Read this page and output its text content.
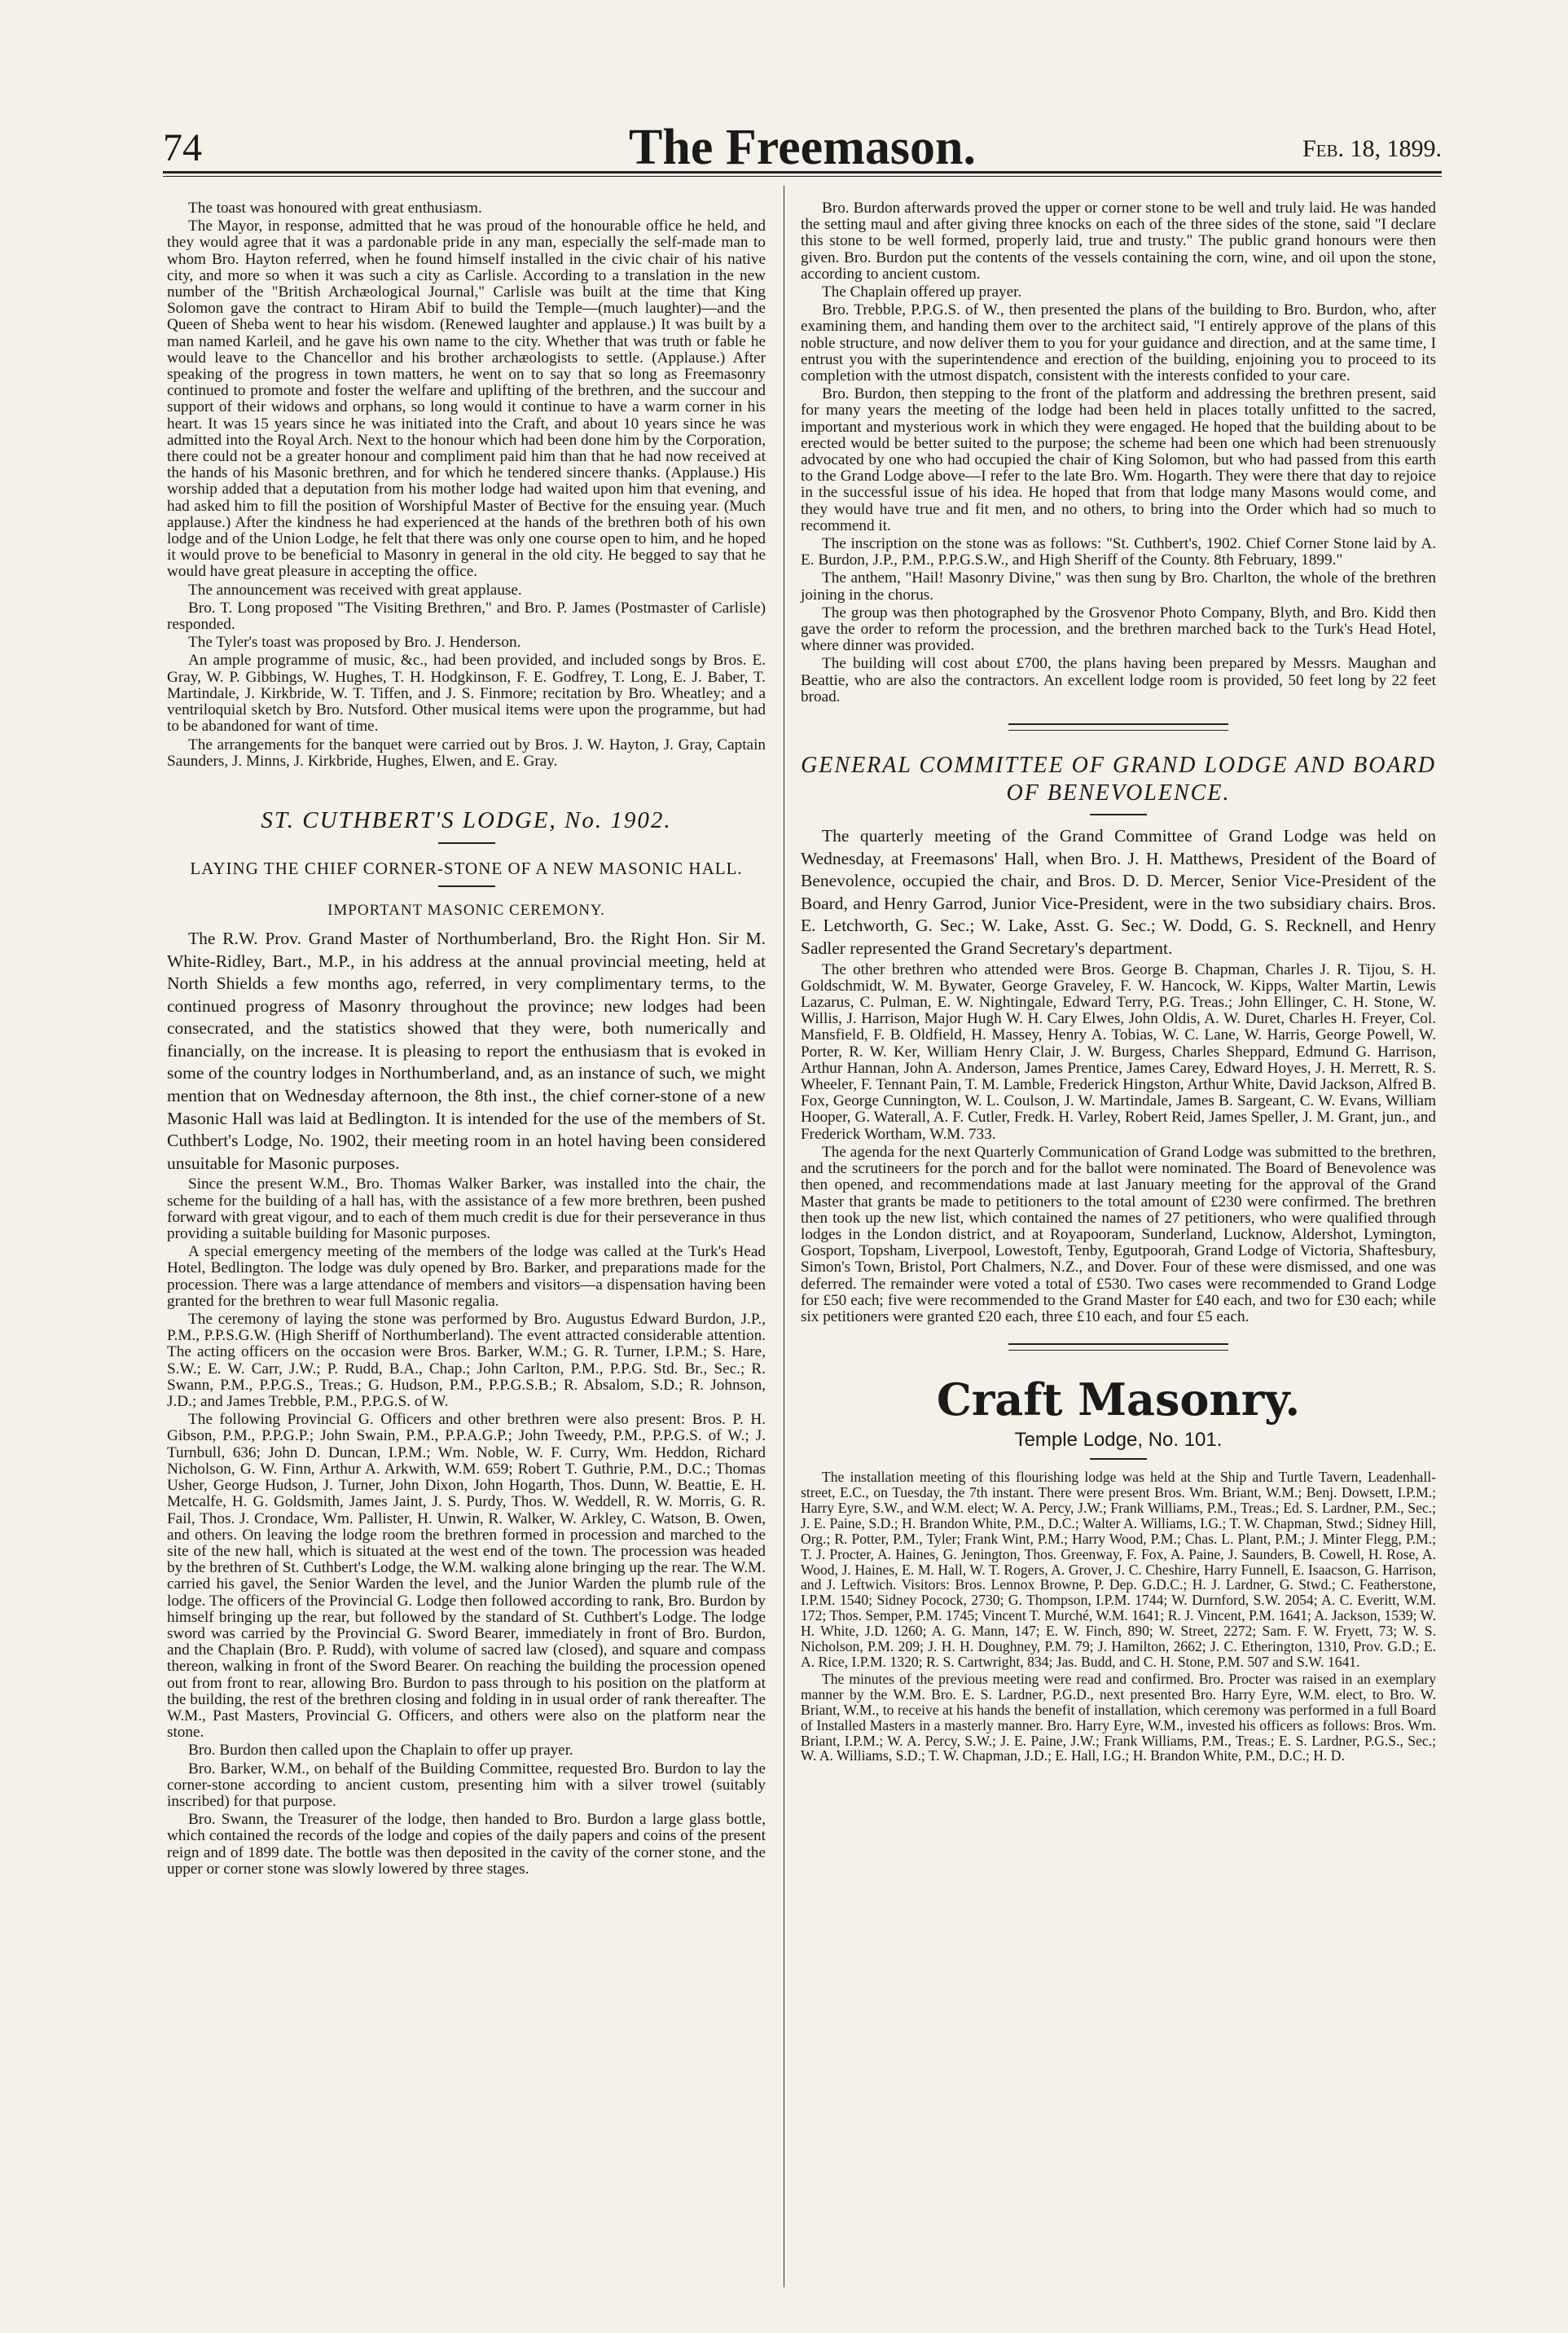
74	The Freemason.	Feb. 18, 1899.

The toast was honoured with great enthusiasm.

The Mayor, in response, admitted that he was proud of the honourable office he held, and they would agree that it was a pardonable pride in any man, especially the self-made man to whom Bro. Hayton referred, when he found himself installed in the civic chair of his native city, and more so when it was such a city as Carlisle. According to a translation in the new number of the "British Archæological Journal," Carlisle was built at the time that King Solomon gave the contract to Hiram Abif to build the Temple—(much laughter)—and the Queen of Sheba went to hear his wisdom. (Renewed laughter and applause.) It was built by a man named Karleil, and he gave his own name to the city. Whether that was truth or fable he would leave to the Chancellor and his brother archæologists to settle. (Applause.) After speaking of the progress in town matters, he went on to say that so long as Freemasonry continued to promote and foster the welfare and uplifting of the brethren, and the succour and support of their widows and orphans, so long would it continue to have a warm corner in his heart. It was 15 years since he was initiated into the Craft, and about 10 years since he was admitted into the Royal Arch. Next to the honour which had been done him by the Corporation, there could not be a greater honour and compliment paid him than that he had now received at the hands of his Masonic brethren, and for which he tendered sincere thanks. (Applause.) His worship added that a deputation from his mother lodge had waited upon him that evening, and had asked him to fill the position of Worshipful Master of Bective for the ensuing year. (Much applause.) After the kindness he had experienced at the hands of the brethren both of his own lodge and of the Union Lodge, he felt that there was only one course open to him, and he hoped it would prove to be beneficial to Masonry in general in the old city. He begged to say that he would have great pleasure in accepting the office.

The announcement was received with great applause.

Bro. T. Long proposed "The Visiting Brethren," and Bro. P. James (Postmaster of Carlisle) responded.

The Tyler's toast was proposed by Bro. J. Henderson.

An ample programme of music, &c., had been provided, and included songs by Bros. E. Gray, W. P. Gibbings, W. Hughes, T. H. Hodgkinson, F. E. Godfrey, T. Long, E. J. Baber, T. Martindale, J. Kirkbride, W. T. Tiffen, and J. S. Finmore; recitation by Bro. Wheatley; and a ventriloquial sketch by Bro. Nutsford. Other musical items were upon the programme, but had to be abandoned for want of time.

The arrangements for the banquet were carried out by Bros. J. W. Hayton, J. Gray, Captain Saunders, J. Minns, J. Kirkbride, Hughes, Elwen, and E. Gray.

ST. CUTHBERT'S LODGE, No. 1902.
LAYING THE CHIEF CORNER-STONE OF A NEW MASONIC HALL.
IMPORTANT MASONIC CEREMONY.

The R.W. Prov. Grand Master of Northumberland, Bro. the Right Hon. Sir M. White-Ridley, Bart., M.P., in his address at the annual provincial meeting, held at North Shields a few months ago, referred, in very complimentary terms, to the continued progress of Masonry throughout the province; new lodges had been consecrated, and the statistics showed that they were, both numerically and financially, on the increase. It is pleasing to report the enthusiasm that is evoked in some of the country lodges in Northumberland, and, as an instance of such, we might mention that on Wednesday afternoon, the 8th inst., the chief corner-stone of a new Masonic Hall was laid at Bedlington. It is intended for the use of the members of St. Cuthbert's Lodge, No. 1902, their meeting room in an hotel having been considered unsuitable for Masonic purposes.

Since the present W.M., Bro. Thomas Walker Barker, was installed into the chair, the scheme for the building of a hall has, with the assistance of a few more brethren, been pushed forward with great vigour, and to each of them much credit is due for their perseverance in thus providing a suitable building for Masonic purposes.

A special emergency meeting of the members of the lodge was called at the Turk's Head Hotel, Bedlington. The lodge was duly opened by Bro. Barker, and preparations made for the procession. There was a large attendance of members and visitors—a dispensation having been granted for the brethren to wear full Masonic regalia.

The ceremony of laying the stone was performed by Bro. Augustus Edward Burdon, J.P., P.M., P.P.S.G.W. (High Sheriff of Northumberland). The event attracted considerable attention. The acting officers on the occasion were Bros. Barker, W.M.; G. R. Turner, I.P.M.; S. Hare, S.W.; E. W. Carr, J.W.; P. Rudd, B.A., Chap.; John Carlton, P.M., P.P.G. Std. Br., Sec.; R. Swann, P.M., P.P.G.S., Treas.; G. Hudson, P.M., P.P.G.S.B.; R. Absalom, S.D.; R. Johnson, J.D.; and James Trebble, P.M., P.P.G.S. of W.

The following Provincial G. Officers and other brethren were also present: Bros. P. H. Gibson, P.M., P.P.G.P.; John Swain, P.M., P.P.A.G.P.; John Tweedy, P.M., P.P.G.S. of W.; J. Turnbull, 636; John D. Duncan, I.P.M.; Wm. Noble, W. F. Curry, Wm. Heddon, Richard Nicholson, G. W. Finn, Arthur A. Arkwith, W.M. 659; Robert T. Guthrie, P.M., D.C.; Thomas Usher, George Hudson, J. Turner, John Dixon, John Hogarth, Thos. Dunn, W. Beattie, E. H. Metcalfe, H. G. Goldsmith, James Jaint, J. S. Purdy, Thos. W. Weddell, R. W. Morris, G. R. Fail, Thos. J. Crondace, Wm. Pallister, H. Unwin, R. Walker, W. Arkley, C. Watson, B. Owen, and others. On leaving the lodge room the brethren formed in procession and marched to the site of the new hall, which is situated at the west end of the town. The procession was headed by the brethren of St. Cuthbert's Lodge, the W.M. walking alone bringing up the rear. The W.M. carried his gavel, the Senior Warden the level, and the Junior Warden the plumb rule of the lodge. The officers of the Provincial G. Lodge then followed according to rank, Bro. Burdon by himself bringing up the rear, but followed by the standard of St. Cuthbert's Lodge. The lodge sword was carried by the Provincial G. Sword Bearer, immediately in front of Bro. Burdon, and the Chaplain (Bro. P. Rudd), with volume of sacred law (closed), and square and compass thereon, walking in front of the Sword Bearer. On reaching the building the procession opened out from front to rear, allowing Bro. Burdon to pass through to his position on the platform at the building, the rest of the brethren closing and folding in in usual order of rank thereafter. The W.M., Past Masters, Provincial G. Officers, and others were also on the platform near the stone.

Bro. Burdon then called upon the Chaplain to offer up prayer.

Bro. Barker, W.M., on behalf of the Building Committee, requested Bro. Burdon to lay the corner-stone according to ancient custom, presenting him with a silver trowel (suitably inscribed) for that purpose.

Bro. Swann, the Treasurer of the lodge, then handed to Bro. Burdon a large glass bottle, which contained the records of the lodge and copies of the daily papers and coins of the present reign and of 1899 date. The bottle was then deposited in the cavity of the corner stone, and the upper or corner stone was slowly lowered by three stages.

Bro. Burdon afterwards proved the upper or corner stone to be well and truly laid. He was handed the setting maul and after giving three knocks on each of the three sides of the stone, said "I declare this stone to be well formed, properly laid, true and trusty." The public grand honours were then given. Bro. Burdon put the contents of the vessels containing the corn, wine, and oil upon the stone, according to ancient custom.

The Chaplain offered up prayer.

Bro. Trebble, P.P.G.S. of W., then presented the plans of the building to Bro. Burdon, who, after examining them, and handing them over to the architect said, "I entirely approve of the plans of this noble structure, and now deliver them to you for your guidance and direction, and at the same time, I entrust you with the superintendence and erection of the building, enjoining you to proceed to its completion with the utmost dispatch, consistent with the interests confided to your care.

Bro. Burdon, then stepping to the front of the platform and addressing the brethren present, said for many years the meeting of the lodge had been held in places totally unfitted to the sacred, important and mysterious work in which they were engaged. He hoped that the building about to be erected would be better suited to the purpose; the scheme had been one which had been strenuously advocated by one who had occupied the chair of King Solomon, but who had passed from this earth to the Grand Lodge above—I refer to the late Bro. Wm. Hogarth. They were there that day to rejoice in the successful issue of his idea. He hoped that from that lodge many Masons would come, and they would have true and fit men, and no others, to bring into the Order which had so much to recommend it.

The inscription on the stone was as follows: "St. Cuthbert's, 1902. Chief Corner Stone laid by A. E. Burdon, J.P., P.M., P.P.G.S.W., and High Sheriff of the County. 8th February, 1899."

The anthem, "Hail! Masonry Divine," was then sung by Bro. Charlton, the whole of the brethren joining in the chorus.

The group was then photographed by the Grosvenor Photo Company, Blyth, and Bro. Kidd then gave the order to reform the procession, and the brethren marched back to the Turk's Head Hotel, where dinner was provided.

The building will cost about £700, the plans having been prepared by Messrs. Maughan and Beattie, who are also the contractors. An excellent lodge room is provided, 50 feet long by 22 feet broad.

GENERAL COMMITTEE OF GRAND LODGE AND BOARD OF BENEVOLENCE.

The quarterly meeting of the Grand Committee of Grand Lodge was held on Wednesday, at Freemasons' Hall, when Bro. J. H. Matthews, President of the Board of Benevolence, occupied the chair, and Bros. D. D. Mercer, Senior Vice-President of the Board, and Henry Garrod, Junior Vice-President, were in the two subsidiary chairs. Bros. E. Letchworth, G. Sec.; W. Lake, Asst. G. Sec.; W. Dodd, G. S. Recknell, and Henry Sadler represented the Grand Secretary's department.

The other brethren who attended were Bros. George B. Chapman, Charles J. R. Tijou, S. H. Goldschmidt, W. M. Bywater, George Graveley, F. W. Hancock, W. Kipps, Walter Martin, Lewis Lazarus, C. Pulman, E. W. Nightingale, Edward Terry, P.G. Treas.; John Ellinger, C. H. Stone, W. Willis, J. Harrison, Major Hugh W. H. Cary Elwes, John Oldis, A. W. Duret, Charles H. Freyer, Col. Mansfield, F. B. Oldfield, H. Massey, Henry A. Tobias, W. C. Lane, W. Harris, George Powell, W. Porter, R. W. Ker, William Henry Clair, J. W. Burgess, Charles Sheppard, Edmund G. Harrison, Arthur Hannan, John A. Anderson, James Prentice, James Carey, Edward Hoyes, J. H. Merrett, R. S. Wheeler, F. Tennant Pain, T. M. Lamble, Frederick Hingston, Arthur White, David Jackson, Alfred B. Fox, George Cunnington, W. L. Coulson, J. W. Martindale, James B. Sargeant, C. W. Evans, William Hooper, G. Waterall, A. F. Cutler, Fredk. H. Varley, Robert Reid, James Speller, J. M. Grant, jun., and Frederick Wortham, W.M. 733.

The agenda for the next Quarterly Communication of Grand Lodge was submitted to the brethren, and the scrutineers for the porch and for the ballot were nominated. The Board of Benevolence was then opened, and recommendations made at last January meeting for the approval of the Grand Master that grants be made to petitioners to the total amount of £230 were confirmed. The brethren then took up the new list, which contained the names of 27 petitioners, who were qualified through lodges in the London district, and at Royapooram, Sunderland, Lucknow, Aldershot, Lymington, Gosport, Topsham, Liverpool, Lowestoft, Tenby, Egutpoorah, Grand Lodge of Victoria, Shaftesbury, Simon's Town, Bristol, Port Chalmers, N.Z., and Dover. Four of these were dismissed, and one was deferred. The remainder were voted a total of £530. Two cases were recommended to Grand Lodge for £50 each; five were recommended to the Grand Master for £40 each, and two for £30 each; while six petitioners were granted £20 each, three £10 each, and four £5 each.

Craft Masonry.
Temple Lodge, No. 101.

The installation meeting of this flourishing lodge was held at the Ship and Turtle Tavern, Leadenhall-street, E.C., on Tuesday, the 7th instant. There were present Bros. Wm. Briant, W.M.; Benj. Dowsett, I.P.M.; Harry Eyre, S.W., and W.M. elect; W. A. Percy, J.W.; Frank Williams, P.M., Treas.; Ed. S. Lardner, P.M., Sec.; J. E. Paine, S.D.; H. Brandon White, P.M., D.C.; Walter A. Williams, I.G.; T. W. Chapman, Stwd.; Sidney Hill, Org.; R. Potter, P.M., Tyler; Frank Wint, P.M.; Harry Wood, P.M.; Chas. L. Plant, P.M.; J. Minter Flegg, P.M.; T. J. Procter, A. Haines, G. Jenington, Thos. Greenway, F. Fox, A. Paine, J. Saunders, B. Cowell, H. Rose, A. Wood, J. Haines, E. M. Hall, W. T. Rogers, A. Grover, J. C. Cheshire, Harry Funnell, E. Isaacson, G. Harrison, and J. Leftwich. Visitors: Bros. Lennox Browne, P. Dep. G.D.C.; H. J. Lardner, G. Stwd.; C. Featherstone, I.P.M. 1540; Sidney Pocock, 2730; G. Thompson, I.P.M. 1744; W. Durnford, S.W. 2054; A. C. Everitt, W.M. 172; Thos. Semper, P.M. 1745; Vincent T. Murché, W.M. 1641; R. J. Vincent, P.M. 1641; A. Jackson, 1539; W. H. White, J.D. 1260; A. G. Mann, 147; E. W. Finch, 890; W. Street, 2272; Sam. F. W. Fryett, 73; W. S. Nicholson, P.M. 209; J. H. H. Doughney, P.M. 79; J. Hamilton, 2662; J. C. Etherington, 1310, Prov. G.D.; E. A. Rice, I.P.M. 1320; R. S. Cartwright, 834; Jas. Budd, and C. H. Stone, P.M. 507 and S.W. 1641.

The minutes of the previous meeting were read and confirmed. Bro. Procter was raised in an exemplary manner by the W.M. Bro. E. S. Lardner, P.G.D., next presented Bro. Harry Eyre, W.M. elect, to Bro. W. Briant, W.M., to receive at his hands the benefit of installation, which ceremony was performed in a full Board of Installed Masters in a masterly manner. Bro. Harry Eyre, W.M., invested his officers as follows: Bros. Wm. Briant, I.P.M.; W. A. Percy, S.W.; J. E. Paine, J.W.; Frank Williams, P.M., Treas.; E. S. Lardner, P.G.S., Sec.; W. A. Williams, S.D.; T. W. Chapman, J.D.; E. Hall, I.G.; H. Brandon White, P.M., D.C.; H. D.
